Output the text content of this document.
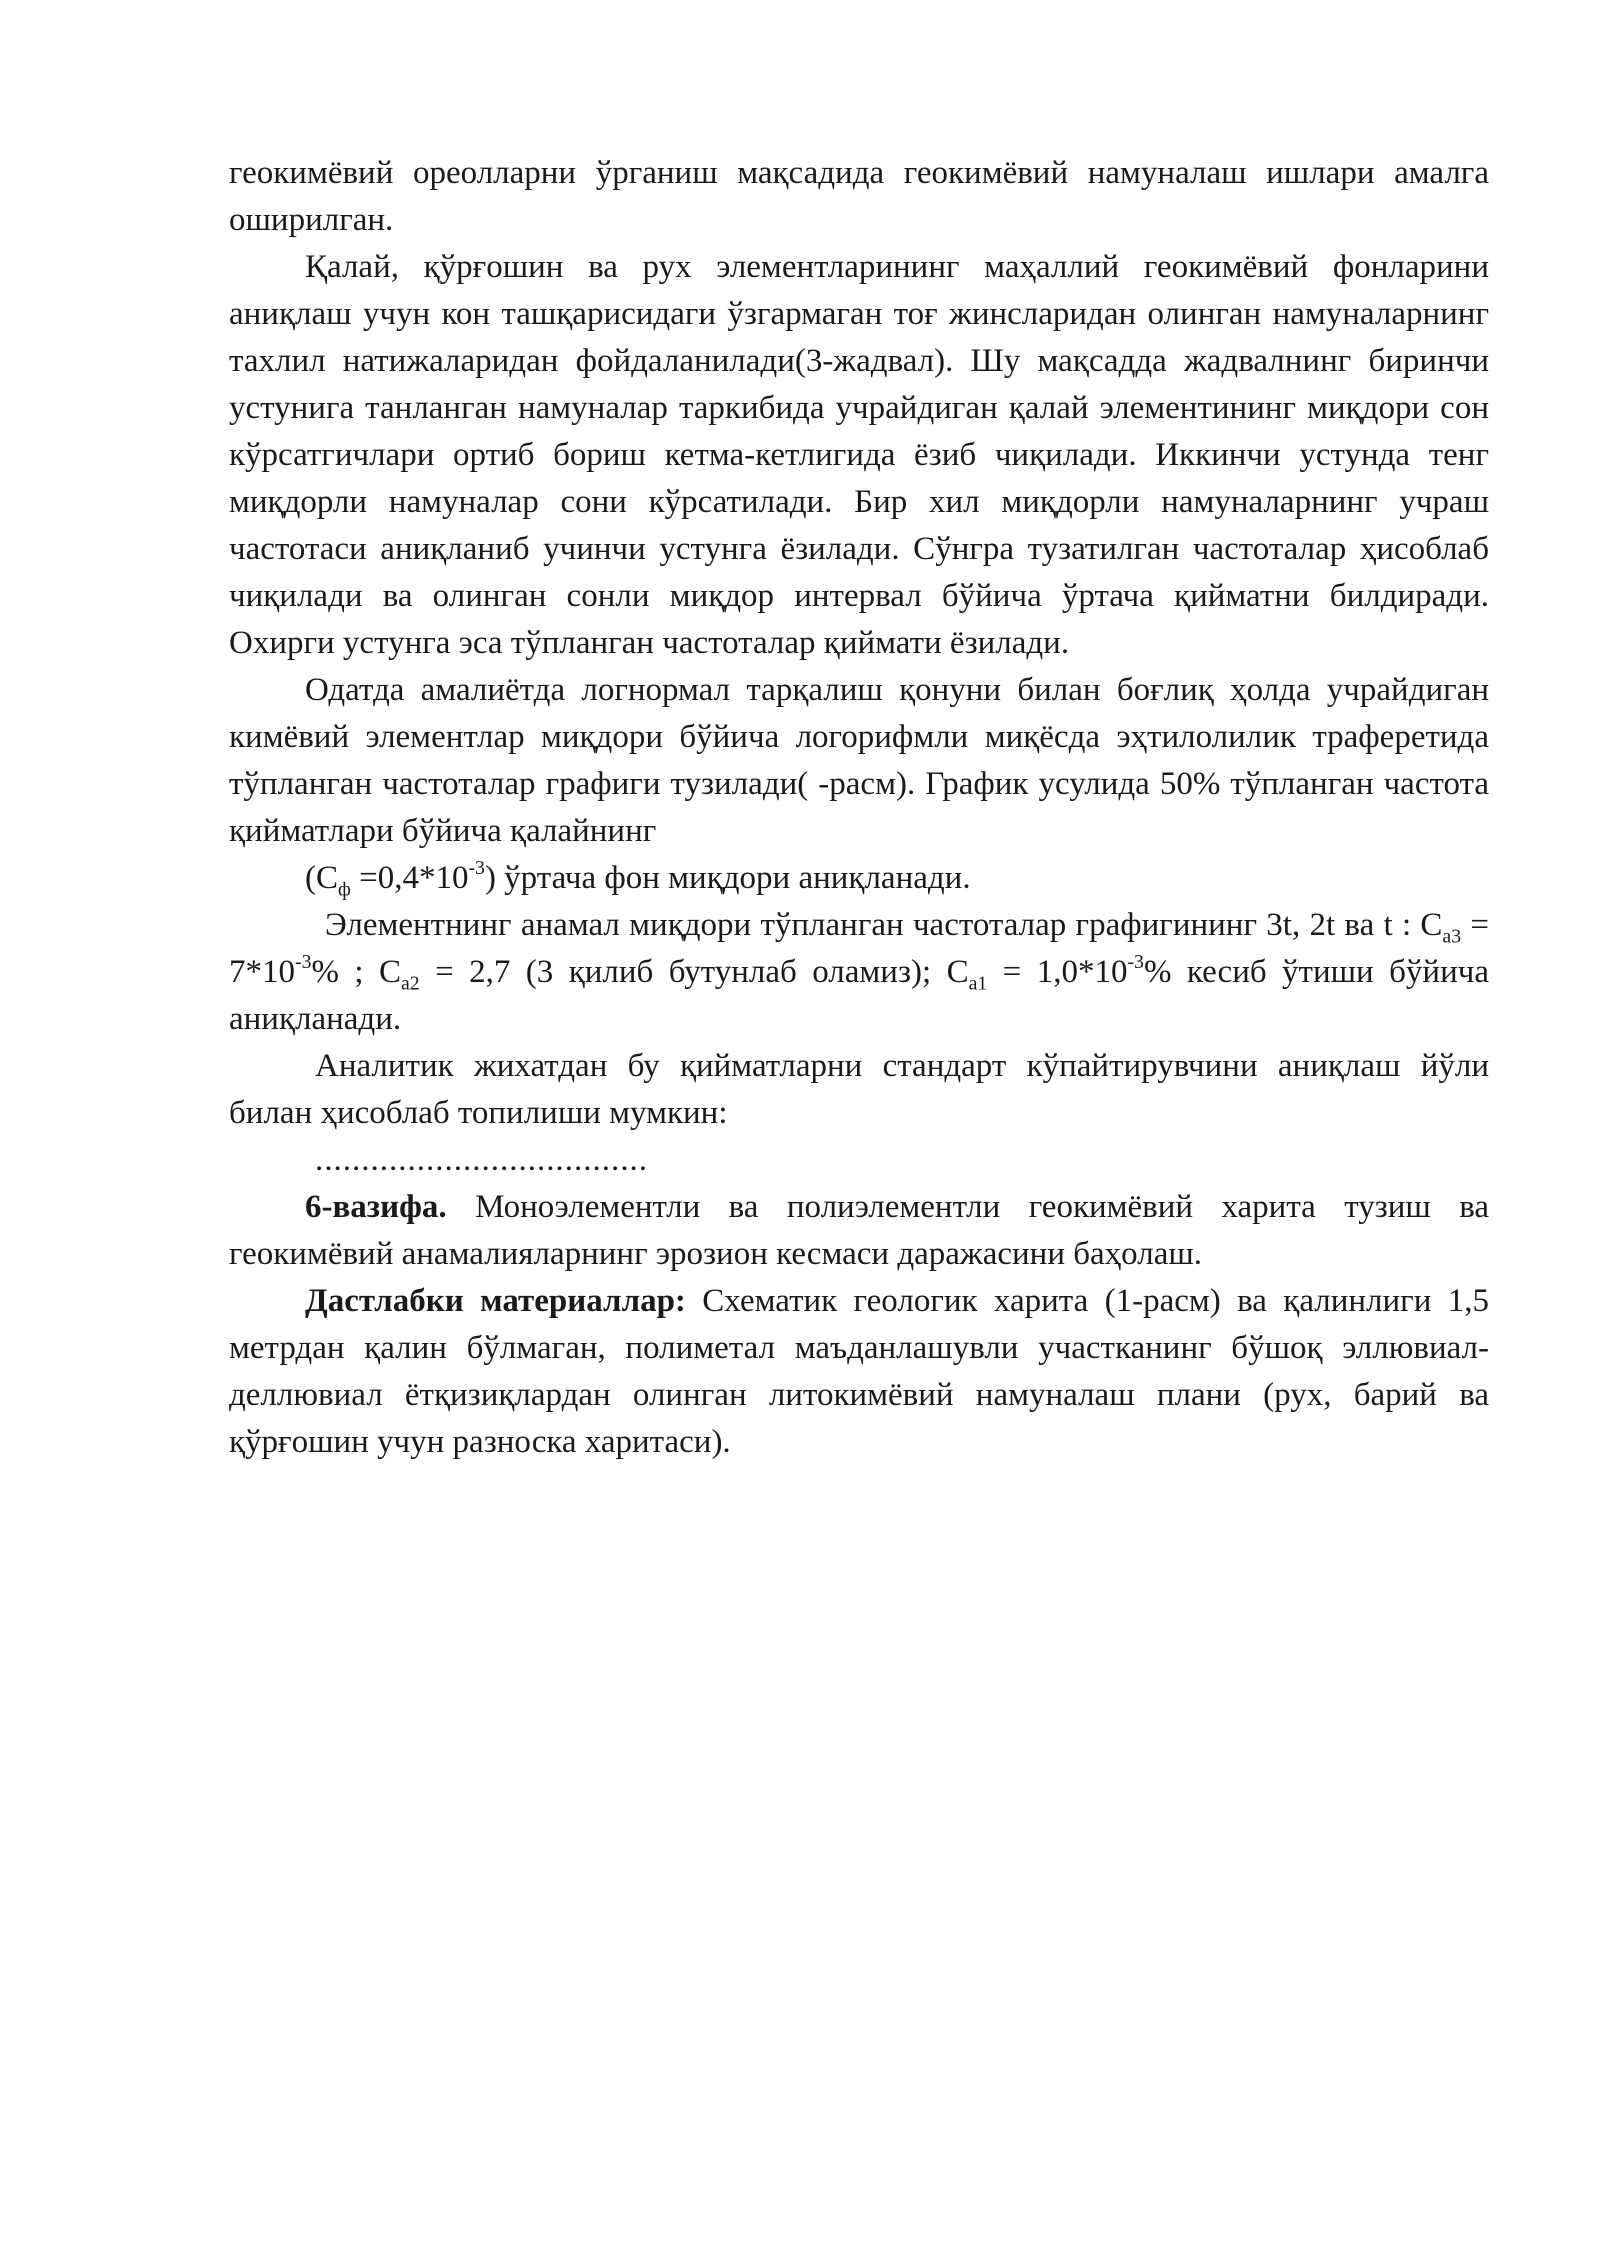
геокимёвий ореолларни ўрганиш мақсадида геокимёвий намуналаш ишлари амалга оширилган.

Қалай, қўрғошин ва рух элементларининг маҳаллий геокимёвий фонларини аниқлаш учун кон ташқарисидаги ўзгармаган тоғ жинсларидан олинган намуналарнинг тахлил натижаларидан фойдаланилади(3-жадвал). Шу мақсадда жадвалнинг биринчи устунига танланган намуналар таркибида учрайдиган қалай элементининг миқдори сон кўрсатгичлари ортиб бориш кетма-кетлигида ёзиб чиқилади. Иккинчи устунда тенг миқдорли намуналар сони кўрсатилади. Бир хил миқдорли намуналарнинг учраш частотаси аниқланиб учинчи устунга ёзилади. Сўнгра тузатилган частоталар ҳисоблаб чиқилади ва олинган сонли миқдор интервал бўйича ўртача қийматни билдиради. Охирги устунга эса тўпланган частоталар қиймати ёзилади.

Одатда амалиётда логнормал тарқалиш қонуни билан боғлиқ ҳолда учрайдиган кимёвий элементлар миқдори бўйича логорифмли миқёсда эҳтилолилик траферетида тўпланган частоталар графиги тузилади( -расм). График усулида 50% тўпланган частота қийматлари бўйича қалайнинг

$(C_ф =0,4*10^{-3})$ ўртача фон миқдори аниқланади.

Элементнинг анамал миқдори тўпланган частоталар графигининг 3t, 2t ва t : $C_{а3} = 7*10^{-3}\%$ ; $C_{а2} = 2,7$ (3 қилиб бутунлаб оламиз); $C_{а1} = 1,0*10^{-3}\%$ кесиб ўтиши бўйича аниқланади.

Аналитик жихатдан бу қийматларни стандарт кўпайтирувчини аниқлаш йўли билан ҳисоблаб топилиши мумкин:

....................................

6-вазифа. Моноэлементли ва полиэлементли геокимёвий харита тузиш ва геокимёвий анамалияларнинг эрозион кесмаси даражасини баҳолаш.

Дастлабки материаллар: Схематик геологик харита (1-расм) ва қалинлиги 1,5 метрдан қалин бўлмаган, полиметал маъданлашувли участканинг бўшоқ эллювиал-деллювиал ётқизиқлардан олинган литокимёвий намуналаш плани (рух, барий ва қўрғошин учун разноска харитаси).
